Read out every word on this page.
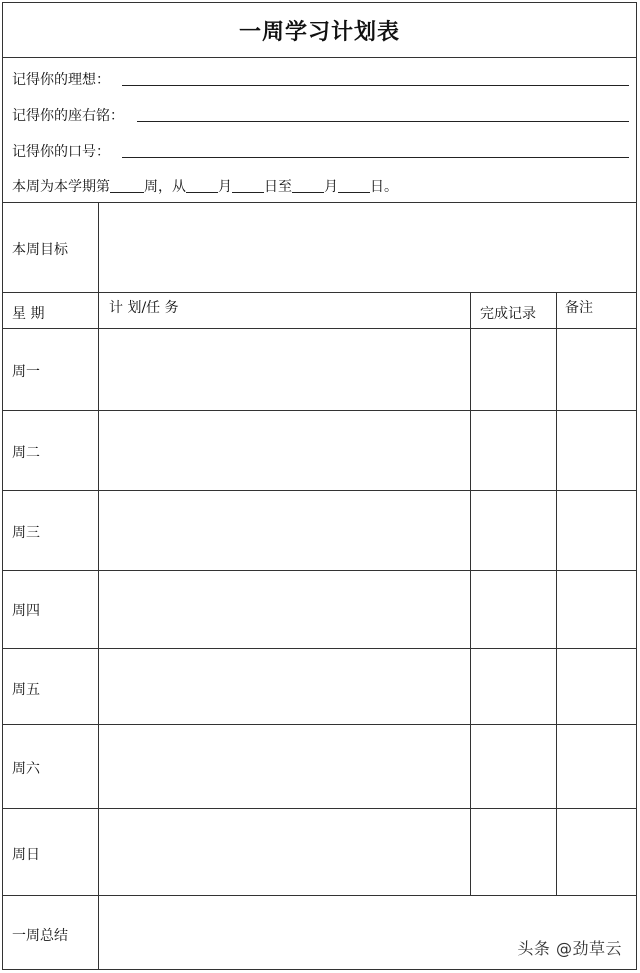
一周学习计划表
记得你的理想：
记得你的座右铭：
记得你的口号：
本周为本学期第 周，从 月 日至 月 日。
本周目标
星 期	计 划/任 务	完成记录 备注
周一
周二
周三
周四
周五
周六
周日
一周总结
头条 @劲草云
